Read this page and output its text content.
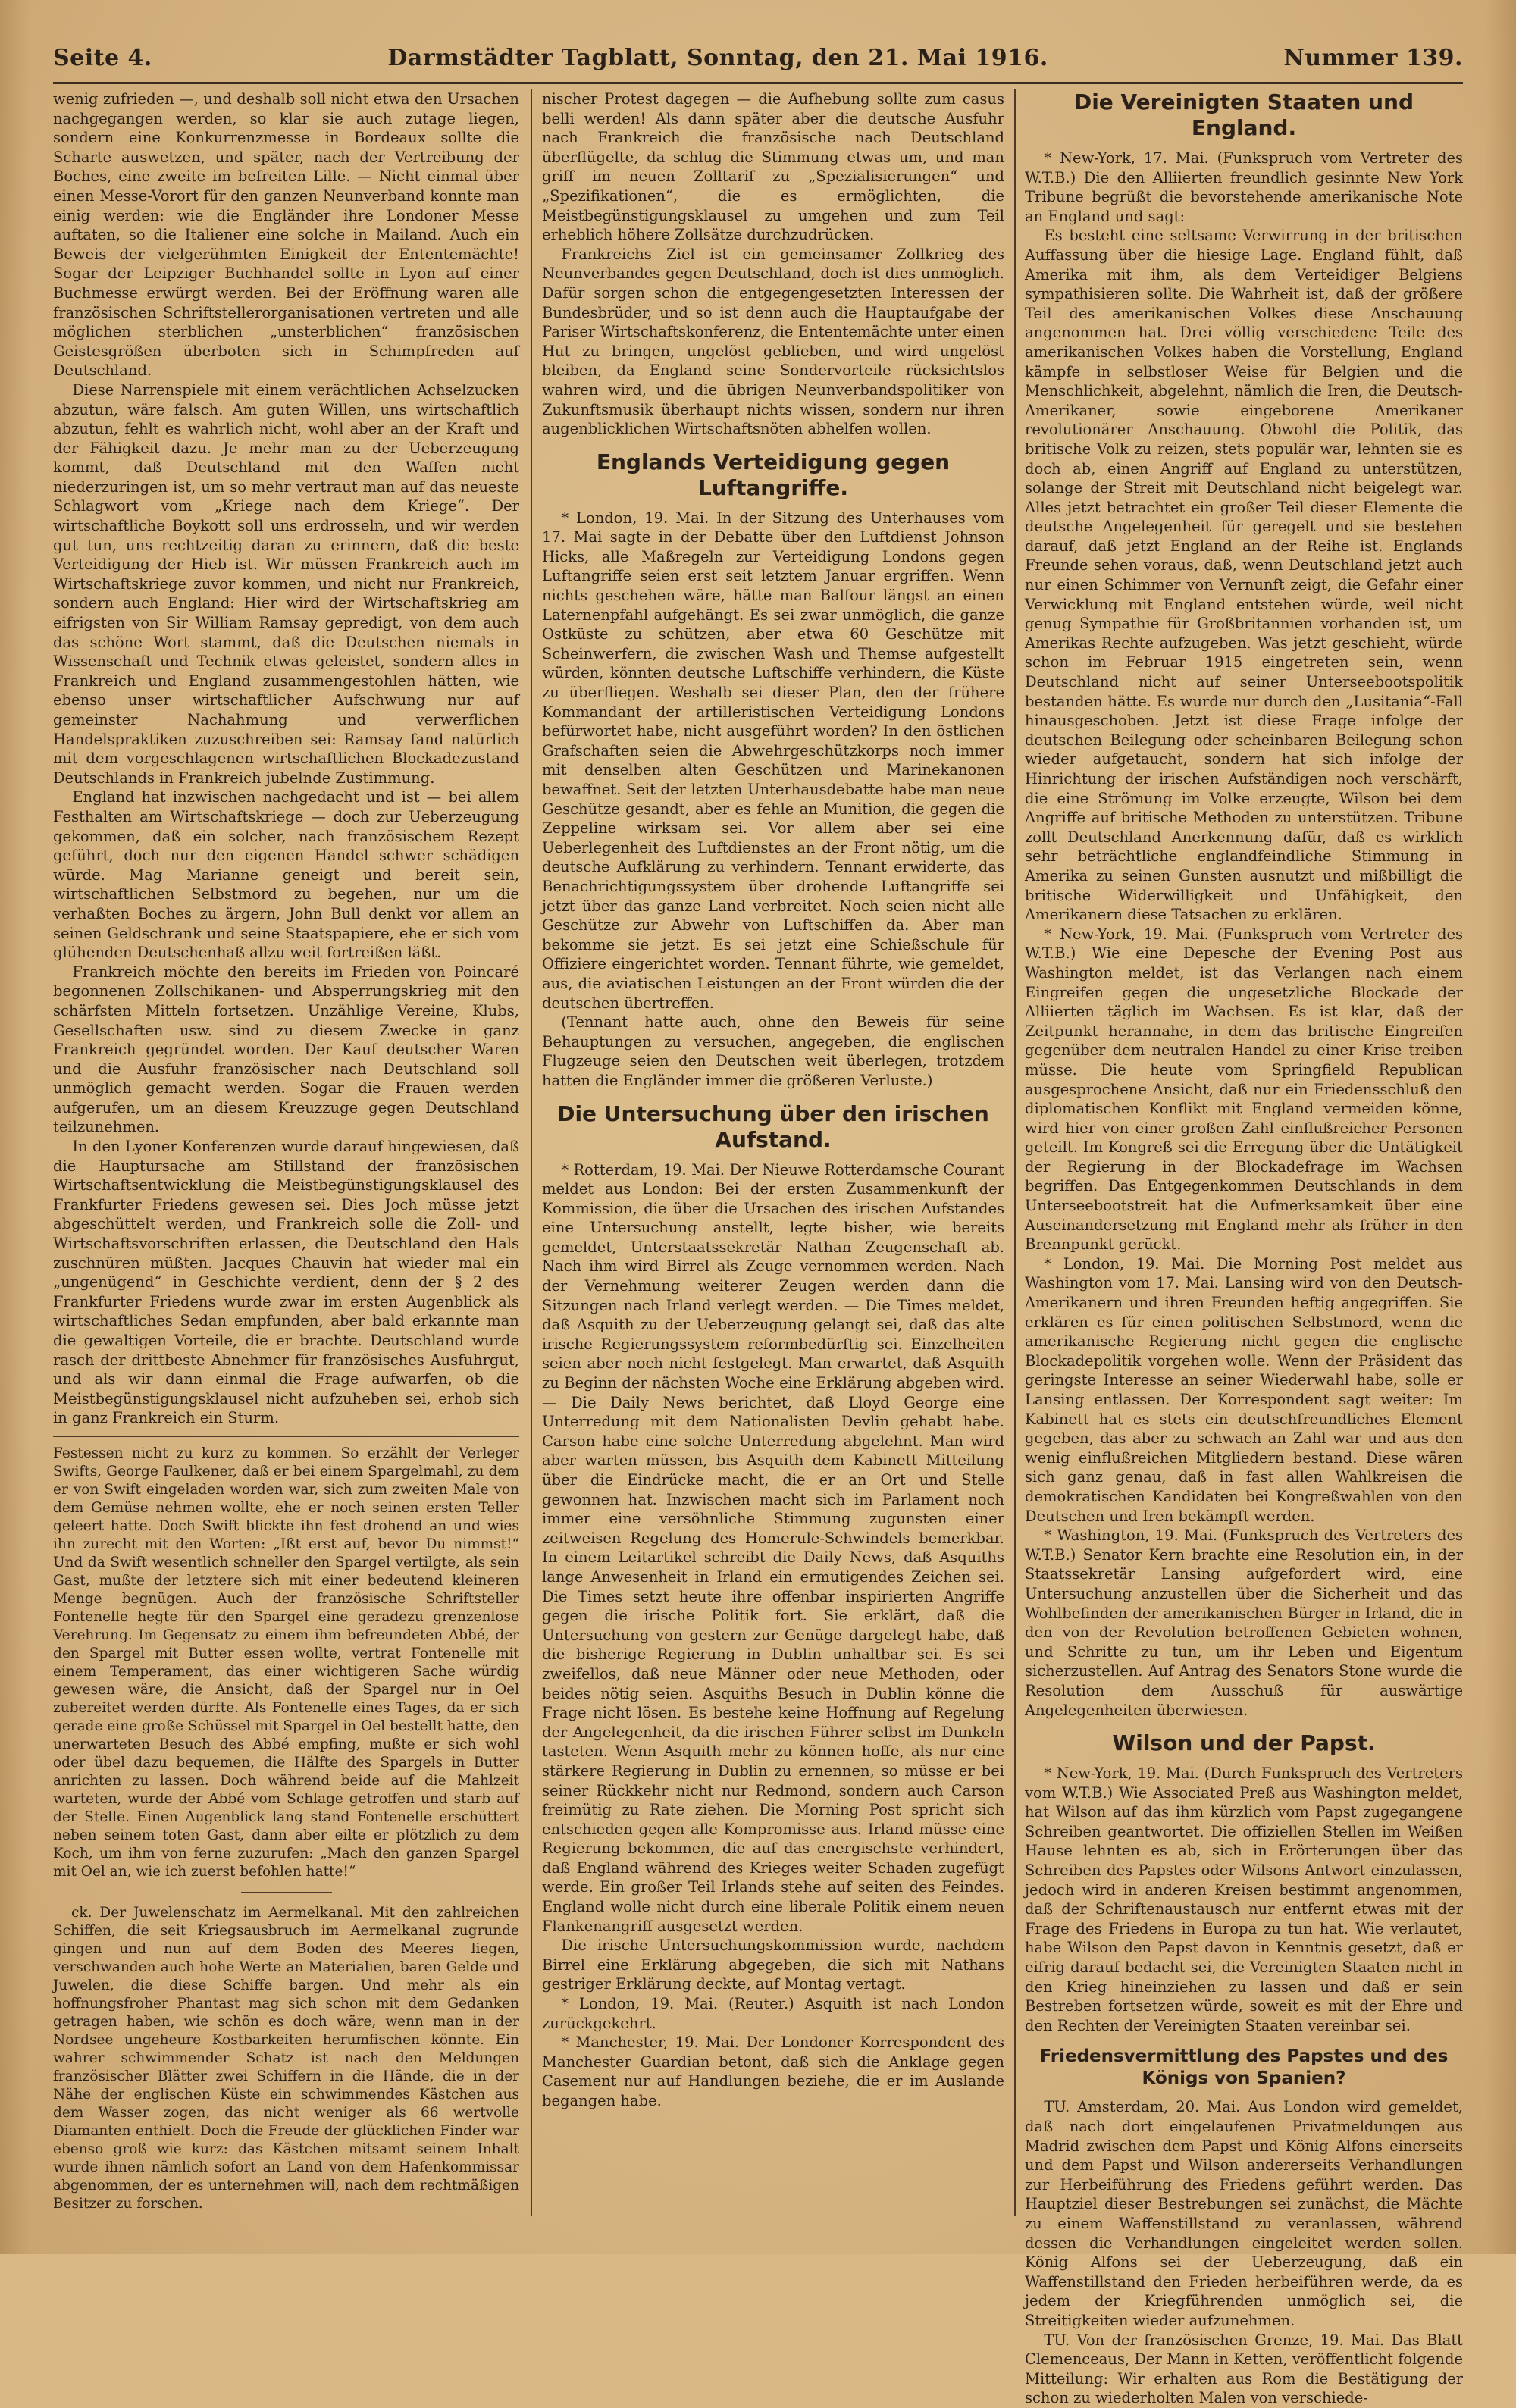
Seite 4.	Darmstädter Tagblatt, Sonntag, den 21. Mai 1916.	Nummer 139.

wenig zufrieden —, und deshalb soll nicht etwa den Ursachen nachgegangen werden, so klar sie auch zutage liegen, sondern eine Konkurrenzmesse in Bordeaux sollte die Scharte auswetzen, und später, nach der Vertreibung der Boches, eine zweite im befreiten Lille. — Nicht einmal über einen Messe-Vorort für den ganzen Neunverband konnte man einig werden: wie die Engländer ihre Londoner Messe auftaten, so die Italiener eine solche in Mailand. Auch ein Beweis der vielgerühmten Einigkeit der Ententemächte! Sogar der Leipziger Buchhandel sollte in Lyon auf einer Buchmesse erwürgt werden. Bei der Eröffnung waren alle französischen Schriftstellerorganisationen vertreten und alle möglichen sterblichen „unsterblichen“ französischen Geistesgrößen überboten sich in Schimpfreden auf Deutschland.

Diese Narrenspiele mit einem verächtlichen Achselzucken abzutun, wäre falsch. Am guten Willen, uns wirtschaftlich abzutun, fehlt es wahrlich nicht, wohl aber an der Kraft und der Fähigkeit dazu. Je mehr man zu der Ueberzeugung kommt, daß Deutschland mit den Waffen nicht niederzuringen ist, um so mehr vertraut man auf das neueste Schlagwort vom „Kriege nach dem Kriege“. Der wirtschaftliche Boykott soll uns erdrosseln, und wir werden gut tun, uns rechtzeitig daran zu erinnern, daß die beste Verteidigung der Hieb ist. Wir müssen Frankreich auch im Wirtschaftskriege zuvor kommen, und nicht nur Frankreich, sondern auch England: Hier wird der Wirtschaftskrieg am eifrigsten von Sir William Ramsay gepredigt, von dem auch das schöne Wort stammt, daß die Deutschen niemals in Wissenschaft und Technik etwas geleistet, sondern alles in Frankreich und England zusammengestohlen hätten, wie ebenso unser wirtschaftlicher Aufschwung nur auf gemeinster Nachahmung und verwerflichen Handelspraktiken zuzuschreiben sei: Ramsay fand natürlich mit dem vorgeschlagenen wirtschaftlichen Blockadezustand Deutschlands in Frankreich jubelnde Zustimmung.

England hat inzwischen nachgedacht und ist — bei allem Festhalten am Wirtschaftskriege — doch zur Ueberzeugung gekommen, daß ein solcher, nach französischem Rezept geführt, doch nur den eigenen Handel schwer schädigen würde. Mag Marianne geneigt und bereit sein, wirtschaftlichen Selbstmord zu begehen, nur um die verhaßten Boches zu ärgern, John Bull denkt vor allem an seinen Geldschrank und seine Staatspapiere, ehe er sich vom glühenden Deutschenhaß allzu weit fortreißen läßt.

Frankreich möchte den bereits im Frieden von Poincaré begonnenen Zollschikanen- und Absperrungskrieg mit den schärfsten Mitteln fortsetzen. Unzählige Vereine, Klubs, Gesellschaften usw. sind zu diesem Zwecke in ganz Frankreich gegründet worden. Der Kauf deutscher Waren und die Ausfuhr französischer nach Deutschland soll unmöglich gemacht werden. Sogar die Frauen werden aufgerufen, um an diesem Kreuzzuge gegen Deutschland teilzunehmen.

In den Lyoner Konferenzen wurde darauf hingewiesen, daß die Hauptursache am Stillstand der französischen Wirtschaftsentwicklung die Meistbegünstigungsklausel des Frankfurter Friedens gewesen sei. Dies Joch müsse jetzt abgeschüttelt werden, und Frankreich solle die Zoll- und Wirtschaftsvorschriften erlassen, die Deutschland den Hals zuschnüren müßten. Jacques Chauvin hat wieder mal ein „ungenügend“ in Geschichte verdient, denn der § 2 des Frankfurter Friedens wurde zwar im ersten Augenblick als wirtschaftliches Sedan empfunden, aber bald erkannte man die gewaltigen Vorteile, die er brachte. Deutschland wurde rasch der drittbeste Abnehmer für französisches Ausfuhrgut, und als wir dann einmal die Frage aufwarfen, ob die Meistbegünstigungsklausel nicht aufzuheben sei, erhob sich in ganz Frankreich ein Sturm.

Festessen nicht zu kurz zu kommen. So erzählt der Verleger Swifts, George Faulkener, daß er bei einem Spargelmahl, zu dem er von Swift eingeladen worden war, sich zum zweiten Male von dem Gemüse nehmen wollte, ehe er noch seinen ersten Teller geleert hatte. Doch Swift blickte ihn fest drohend an und wies ihn zurecht mit den Worten: „Ißt erst auf, bevor Du nimmst!“ Und da Swift wesentlich schneller den Spargel vertilgte, als sein Gast, mußte der letztere sich mit einer bedeutend kleineren Menge begnügen. Auch der französische Schriftsteller Fontenelle hegte für den Spargel eine geradezu grenzenlose Verehrung. Im Gegensatz zu einem ihm befreundeten Abbé, der den Spargel mit Butter essen wollte, vertrat Fontenelle mit einem Temperament, das einer wichtigeren Sache würdig gewesen wäre, die Ansicht, daß der Spargel nur in Oel zubereitet werden dürfte. Als Fontenelle eines Tages, da er sich gerade eine große Schüssel mit Spargel in Oel bestellt hatte, den unerwarteten Besuch des Abbé empfing, mußte er sich wohl oder übel dazu bequemen, die Hälfte des Spargels in Butter anrichten zu lassen. Doch während beide auf die Mahlzeit warteten, wurde der Abbé vom Schlage getroffen und starb auf der Stelle. Einen Augenblick lang stand Fontenelle erschüttert neben seinem toten Gast, dann aber eilte er plötzlich zu dem Koch, um ihm von ferne zuzurufen: „Mach den ganzen Spargel mit Oel an, wie ich zuerst befohlen hatte!“

ck. Der Juwelenschatz im Aermelkanal. Mit den zahlreichen Schiffen, die seit Kriegsausbruch im Aermelkanal zugrunde gingen und nun auf dem Boden des Meeres liegen, verschwanden auch hohe Werte an Materialien, baren Gelde und Juwelen, die diese Schiffe bargen. Und mehr als ein hoffnungsfroher Phantast mag sich schon mit dem Gedanken getragen haben, wie schön es doch wäre, wenn man in der Nordsee ungeheure Kostbarkeiten herumfischen könnte. Ein wahrer schwimmender Schatz ist nach den Meldungen französischer Blätter zwei Schiffern in die Hände, die in der Nähe der englischen Küste ein schwimmendes Kästchen aus dem Wasser zogen, das nicht weniger als 66 wertvolle Diamanten enthielt. Doch die Freude der glücklichen Finder war ebenso groß wie kurz: das Kästchen mitsamt seinem Inhalt wurde ihnen nämlich sofort an Land von dem Hafenkommissar abgenommen, der es unternehmen will, nach dem rechtmäßigen Besitzer zu forschen.

nischer Protest dagegen — die Aufhebung sollte zum casus belli werden! Als dann später aber die deutsche Ausfuhr nach Frankreich die französische nach Deutschland überflügelte, da schlug die Stimmung etwas um, und man griff im neuen Zolltarif zu „Spezialisierungen“ und „Spezifikationen“, die es ermöglichten, die Meistbegünstigungsklausel zu umgehen und zum Teil erheblich höhere Zollsätze durchzudrücken.

Frankreichs Ziel ist ein gemeinsamer Zollkrieg des Neunverbandes gegen Deutschland, doch ist dies unmöglich. Dafür sorgen schon die entgegengesetzten Interessen der Bundesbrüder, und so ist denn auch die Hauptaufgabe der Pariser Wirtschaftskonferenz, die Ententemächte unter einen Hut zu bringen, ungelöst geblieben, und wird ungelöst bleiben, da England seine Sondervorteile rücksichtslos wahren wird, und die übrigen Neunverbandspolitiker von Zukunftsmusik überhaupt nichts wissen, sondern nur ihren augenblicklichen Wirtschaftsnöten abhelfen wollen.

Englands Verteidigung gegen Luftangriffe.

* London, 19. Mai. In der Sitzung des Unterhauses vom 17. Mai sagte in der Debatte über den Luftdienst Johnson Hicks, alle Maßregeln zur Verteidigung Londons gegen Luftangriffe seien erst seit letztem Januar ergriffen. Wenn nichts geschehen wäre, hätte man Balfour längst an einen Laternenpfahl aufgehängt. Es sei zwar unmöglich, die ganze Ostküste zu schützen, aber etwa 60 Geschütze mit Scheinwerfern, die zwischen Wash und Themse aufgestellt würden, könnten deutsche Luftschiffe verhindern, die Küste zu überfliegen. Weshalb sei dieser Plan, den der frühere Kommandant der artilleristischen Verteidigung Londons befürwortet habe, nicht ausgeführt worden? In den östlichen Grafschaften seien die Abwehrgeschützkorps noch immer mit denselben alten Geschützen und Marinekanonen bewaffnet. Seit der letzten Unterhausdebatte habe man neue Geschütze gesandt, aber es fehle an Munition, die gegen die Zeppeline wirksam sei. Vor allem aber sei eine Ueberlegenheit des Luftdienstes an der Front nötig, um die deutsche Aufklärung zu verhindern. Tennant erwiderte, das Benachrichtigungssystem über drohende Luftangriffe sei jetzt über das ganze Land verbreitet. Noch seien nicht alle Geschütze zur Abwehr von Luftschiffen da. Aber man bekomme sie jetzt. Es sei jetzt eine Schießschule für Offiziere eingerichtet worden. Tennant führte, wie gemeldet, aus, die aviatischen Leistungen an der Front würden die der deutschen übertreffen.

(Tennant hatte auch, ohne den Beweis für seine Behauptungen zu versuchen, angegeben, die englischen Flugzeuge seien den Deutschen weit überlegen, trotzdem hatten die Engländer immer die größeren Verluste.)

Die Untersuchung über den irischen Aufstand.

* Rotterdam, 19. Mai. Der Nieuwe Rotterdamsche Courant meldet aus London: Bei der ersten Zusammenkunft der Kommission, die über die Ursachen des irischen Aufstandes eine Untersuchung anstellt, legte bisher, wie bereits gemeldet, Unterstaatssekretär Nathan Zeugenschaft ab. Nach ihm wird Birrel als Zeuge vernommen werden. Nach der Vernehmung weiterer Zeugen werden dann die Sitzungen nach Irland verlegt werden. — Die Times meldet, daß Asquith zu der Ueberzeugung gelangt sei, daß das alte irische Regierungssystem reformbedürftig sei. Einzelheiten seien aber noch nicht festgelegt. Man erwartet, daß Asquith zu Beginn der nächsten Woche eine Erklärung abgeben wird. — Die Daily News berichtet, daß Lloyd George eine Unterredung mit dem Nationalisten Devlin gehabt habe. Carson habe eine solche Unterredung abgelehnt. Man wird aber warten müssen, bis Asquith dem Kabinett Mitteilung über die Eindrücke macht, die er an Ort und Stelle gewonnen hat. Inzwischen macht sich im Parlament noch immer eine versöhnliche Stimmung zugunsten einer zeitweisen Regelung des Homerule-Schwindels bemerkbar. In einem Leitartikel schreibt die Daily News, daß Asquiths lange Anwesenheit in Irland ein ermutigendes Zeichen sei. Die Times setzt heute ihre offenbar inspirierten Angriffe gegen die irische Politik fort. Sie erklärt, daß die Untersuchung von gestern zur Genüge dargelegt habe, daß die bisherige Regierung in Dublin unhaltbar sei. Es sei zweifellos, daß neue Männer oder neue Methoden, oder beides nötig seien. Asquiths Besuch in Dublin könne die Frage nicht lösen. Es bestehe keine Hoffnung auf Regelung der Angelegenheit, da die irischen Führer selbst im Dunkeln tasteten. Wenn Asquith mehr zu können hoffe, als nur eine stärkere Regierung in Dublin zu ernennen, so müsse er bei seiner Rückkehr nicht nur Redmond, sondern auch Carson freimütig zu Rate ziehen. Die Morning Post spricht sich entschieden gegen alle Kompromisse aus. Irland müsse eine Regierung bekommen, die auf das energischste verhindert, daß England während des Krieges weiter Schaden zugefügt werde. Ein großer Teil Irlands stehe auf seiten des Feindes. England wolle nicht durch eine liberale Politik einem neuen Flankenangriff ausgesetzt werden.

Die irische Untersuchungskommission wurde, nachdem Birrel eine Erklärung abgegeben, die sich mit Nathans gestriger Erklärung deckte, auf Montag vertagt.

* London, 19. Mai. (Reuter.) Asquith ist nach London zurückgekehrt.

* Manchester, 19. Mai. Der Londoner Korrespondent des Manchester Guardian betont, daß sich die Anklage gegen Casement nur auf Handlungen beziehe, die er im Auslande begangen habe.

Die Vereinigten Staaten und England.

* New-York, 17. Mai. (Funkspruch vom Vertreter des W.T.B.) Die den Alliierten freundlich gesinnte New York Tribune begrüßt die bevorstehende amerikanische Note an England und sagt:

Es besteht eine seltsame Verwirrung in der britischen Auffassung über die hiesige Lage. England fühlt, daß Amerika mit ihm, als dem Verteidiger Belgiens sympathisieren sollte. Die Wahrheit ist, daß der größere Teil des amerikanischen Volkes diese Anschauung angenommen hat. Drei völlig verschiedene Teile des amerikanischen Volkes haben die Vorstellung, England kämpfe in selbstloser Weise für Belgien und die Menschlichkeit, abgelehnt, nämlich die Iren, die Deutsch-Amerikaner, sowie eingeborene Amerikaner revolutionärer Anschauung. Obwohl die Politik, das britische Volk zu reizen, stets populär war, lehnten sie es doch ab, einen Angriff auf England zu unterstützen, solange der Streit mit Deutschland nicht beigelegt war. Alles jetzt betrachtet ein großer Teil dieser Elemente die deutsche Angelegenheit für geregelt und sie bestehen darauf, daß jetzt England an der Reihe ist. Englands Freunde sehen voraus, daß, wenn Deutschland jetzt auch nur einen Schimmer von Vernunft zeigt, die Gefahr einer Verwicklung mit England entstehen würde, weil nicht genug Sympathie für Großbritannien vorhanden ist, um Amerikas Rechte aufzugeben. Was jetzt geschieht, würde schon im Februar 1915 eingetreten sein, wenn Deutschland nicht auf seiner Unterseebootspolitik bestanden hätte. Es wurde nur durch den „Lusitania“-Fall hinausgeschoben. Jetzt ist diese Frage infolge der deutschen Beilegung oder scheinbaren Beilegung schon wieder aufgetaucht, sondern hat sich infolge der Hinrichtung der irischen Aufständigen noch verschärft, die eine Strömung im Volke erzeugte, Wilson bei dem Angriffe auf britische Methoden zu unterstützen. Tribune zollt Deutschland Anerkennung dafür, daß es wirklich sehr beträchtliche englandfeindliche Stimmung in Amerika zu seinen Gunsten ausnutzt und mißbilligt die britische Widerwilligkeit und Unfähigkeit, den Amerikanern diese Tatsachen zu erklären.

* New-York, 19. Mai. (Funkspruch vom Vertreter des W.T.B.) Wie eine Depesche der Evening Post aus Washington meldet, ist das Verlangen nach einem Eingreifen gegen die ungesetzliche Blockade der Alliierten täglich im Wachsen. Es ist klar, daß der Zeitpunkt herannahe, in dem das britische Eingreifen gegenüber dem neutralen Handel zu einer Krise treiben müsse. Die heute vom Springfield Republican ausgesprochene Ansicht, daß nur ein Friedensschluß den diplomatischen Konflikt mit England vermeiden könne, wird hier von einer großen Zahl einflußreicher Personen geteilt. Im Kongreß sei die Erregung über die Untätigkeit der Regierung in der Blockadefrage im Wachsen begriffen. Das Entgegenkommen Deutschlands in dem Unterseebootstreit hat die Aufmerksamkeit über eine Auseinandersetzung mit England mehr als früher in den Brennpunkt gerückt.

* London, 19. Mai. Die Morning Post meldet aus Washington vom 17. Mai. Lansing wird von den Deutsch-Amerikanern und ihren Freunden heftig angegriffen. Sie erklären es für einen politischen Selbstmord, wenn die amerikanische Regierung nicht gegen die englische Blockadepolitik vorgehen wolle. Wenn der Präsident das geringste Interesse an seiner Wiederwahl habe, solle er Lansing entlassen. Der Korrespondent sagt weiter: Im Kabinett hat es stets ein deutschfreundliches Element gegeben, das aber zu schwach an Zahl war und aus den wenig einflußreichen Mitgliedern bestand. Diese wären sich ganz genau, daß in fast allen Wahlkreisen die demokratischen Kandidaten bei Kongreßwahlen von den Deutschen und Iren bekämpft werden.

* Washington, 19. Mai. (Funkspruch des Vertreters des W.T.B.) Senator Kern brachte eine Resolution ein, in der Staatssekretär Lansing aufgefordert wird, eine Untersuchung anzustellen über die Sicherheit und das Wohlbefinden der amerikanischen Bürger in Irland, die in den von der Revolution betroffenen Gebieten wohnen, und Schritte zu tun, um ihr Leben und Eigentum sicherzustellen. Auf Antrag des Senators Stone wurde die Resolution dem Ausschuß für auswärtige Angelegenheiten überwiesen.

Wilson und der Papst.

* New-York, 19. Mai. (Durch Funkspruch des Vertreters vom W.T.B.) Wie Associated Preß aus Washington meldet, hat Wilson auf das ihm kürzlich vom Papst zugegangene Schreiben geantwortet. Die offiziellen Stellen im Weißen Hause lehnten es ab, sich in Erörterungen über das Schreiben des Papstes oder Wilsons Antwort einzulassen, jedoch wird in anderen Kreisen bestimmt angenommen, daß der Schriftenaustausch nur entfernt etwas mit der Frage des Friedens in Europa zu tun hat. Wie verlautet, habe Wilson den Papst davon in Kenntnis gesetzt, daß er eifrig darauf bedacht sei, die Vereinigten Staaten nicht in den Krieg hineinziehen zu lassen und daß er sein Bestreben fortsetzen würde, soweit es mit der Ehre und den Rechten der Vereinigten Staaten vereinbar sei.

Friedensvermittlung des Papstes und des Königs von Spanien?

TU. Amsterdam, 20. Mai. Aus London wird gemeldet, daß nach dort eingelaufenen Privatmeldungen aus Madrid zwischen dem Papst und König Alfons einerseits und dem Papst und Wilson andererseits Verhandlungen zur Herbeiführung des Friedens geführt werden. Das Hauptziel dieser Bestrebungen sei zunächst, die Mächte zu einem Waffenstillstand zu veranlassen, während dessen die Verhandlungen eingeleitet werden sollen. König Alfons sei der Ueberzeugung, daß ein Waffenstillstand den Frieden herbeiführen werde, da es jedem der Kriegführenden unmöglich sei, die Streitigkeiten wieder aufzunehmen.

TU. Von der französischen Grenze, 19. Mai. Das Blatt Clemenceaus, Der Mann in Ketten, veröffentlicht folgende Mitteilung: Wir erhalten aus Rom die Bestätigung der schon zu wiederholten Malen von verschiede-
